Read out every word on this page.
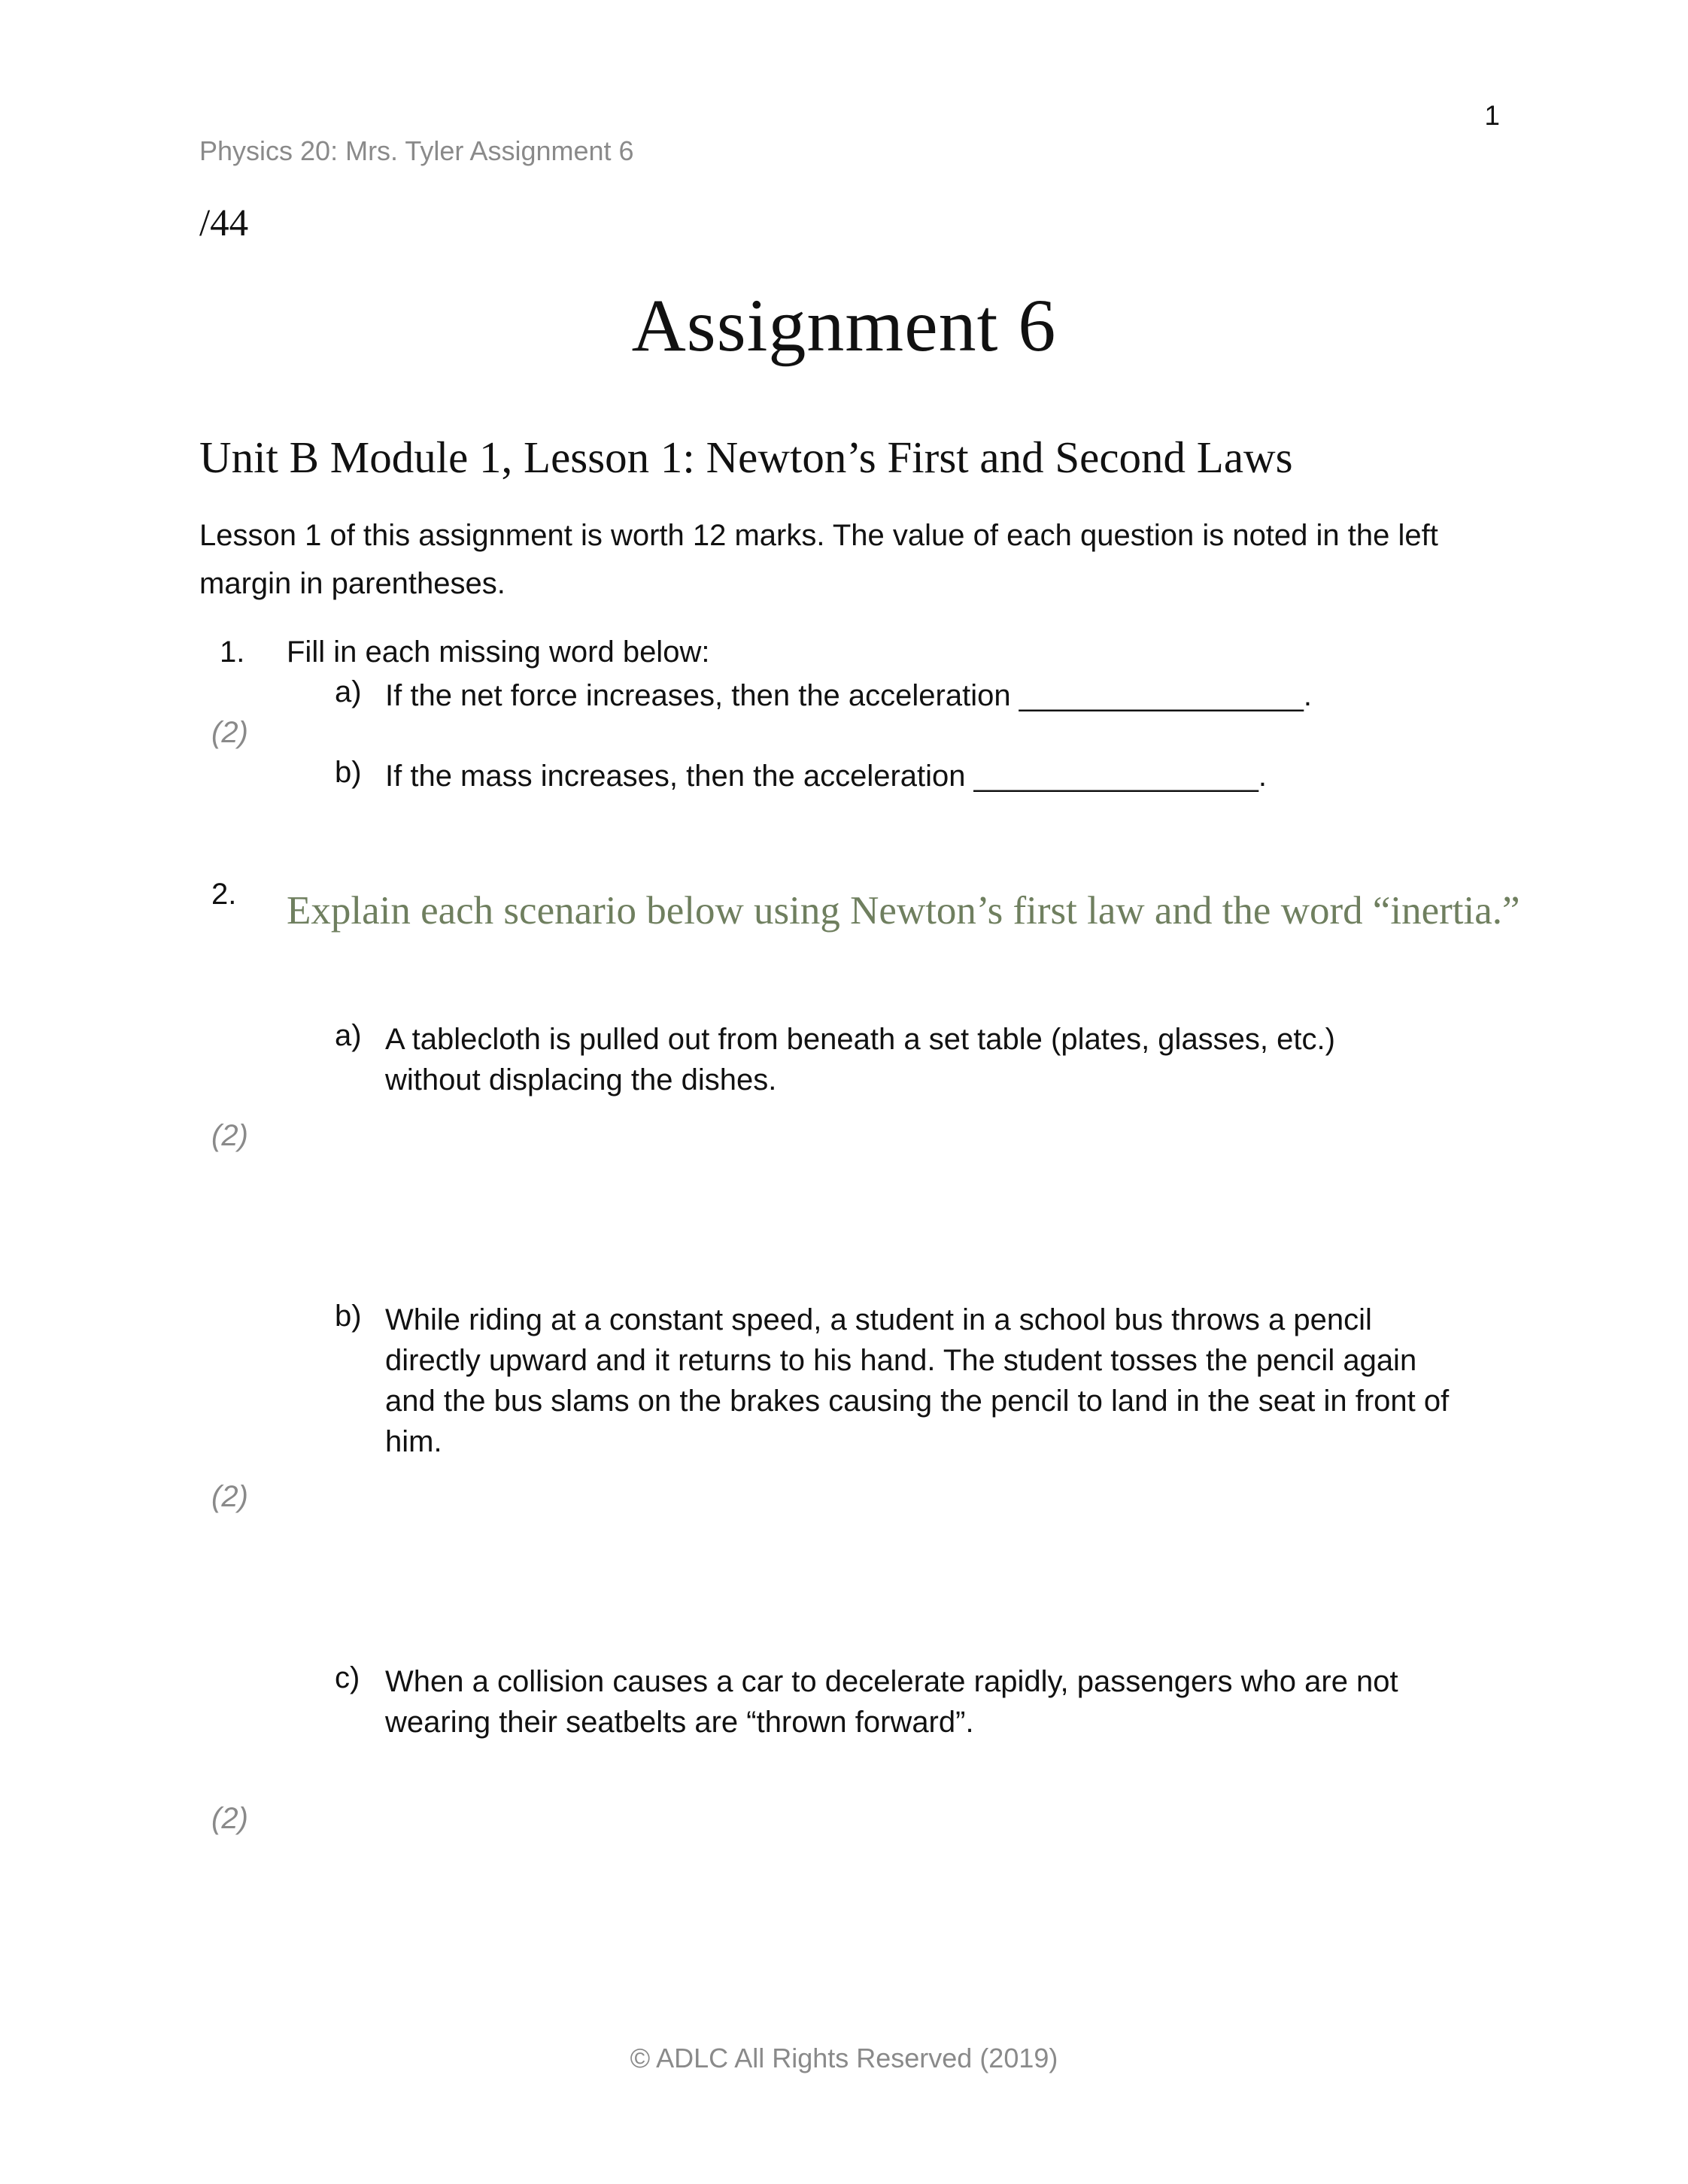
1
Physics 20: Mrs. Tyler Assignment 6
/44
Assignment 6
Unit B Module 1, Lesson 1: Newton’s First and Second Laws
Lesson 1 of this assignment is worth 12 marks. The value of each question is noted in the left margin in parentheses.
1. Fill in each missing word below:
a) If the net force increases, then the acceleration _________________.
(2)
b) If the mass increases, then the acceleration _________________.
2. Explain each scenario below using Newton’s first law and the word “inertia.”
a) A tablecloth is pulled out from beneath a set table (plates, glasses, etc.) without displacing the dishes.
(2)
b) While riding at a constant speed, a student in a school bus throws a pencil directly upward and it returns to his hand. The student tosses the pencil again and the bus slams on the brakes causing the pencil to land in the seat in front of him.
(2)
c) When a collision causes a car to decelerate rapidly, passengers who are not wearing their seatbelts are “thrown forward”.
(2)
© ADLC All Rights Reserved (2019)
